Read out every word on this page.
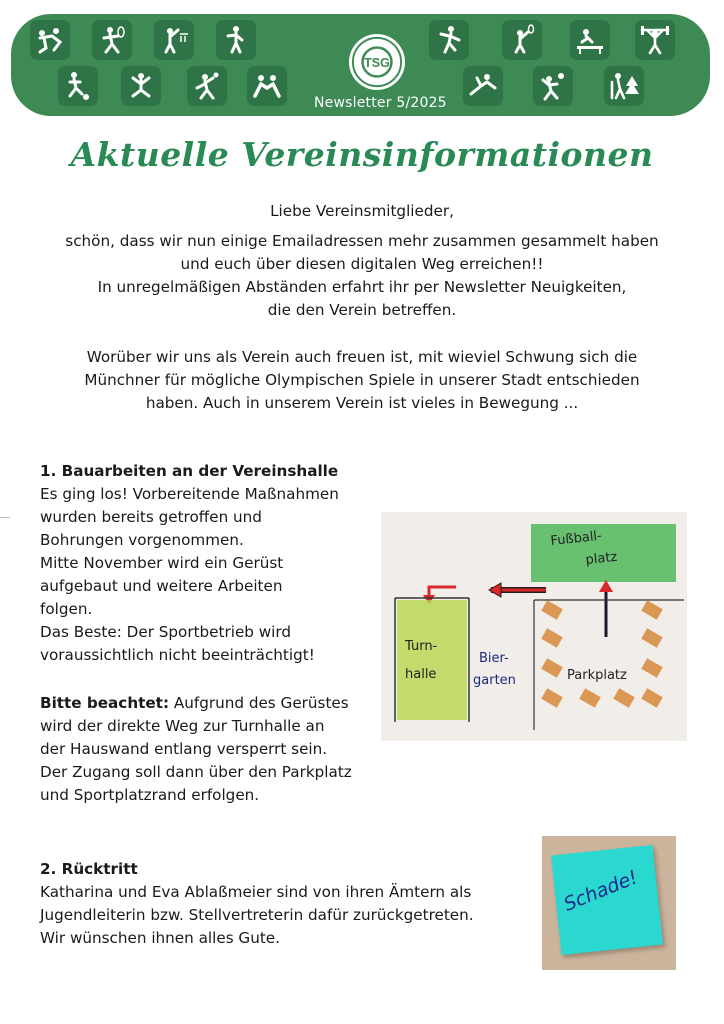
TSG
Newsletter 5/2025
Aktuelle Vereinsinformationen
Liebe Vereinsmitglieder,
schön, dass wir nun einige Emailadressen mehr zusammen gesammelt haben
und euch über diesen digitalen Weg erreichen!!
In unregelmäßigen Abständen erfahrt ihr per Newsletter Neuigkeiten,
die den Verein betreffen.
Worüber wir uns als Verein auch freuen ist, mit wieviel Schwung sich die
Münchner für mögliche Olympischen Spiele in unserer Stadt entschieden
haben. Auch in unserem Verein ist vieles in Bewegung ...
1. Bauarbeiten an der Vereinshalle
Es ging los! Vorbereitende Maßnahmen
wurden bereits getroffen und
Bohrungen vorgenommen.
Mitte November wird ein Gerüst
aufgebaut und weitere Arbeiten
folgen.
Das Beste: Der Sportbetrieb wird
voraussichtlich nicht beeinträchtigt!
Bitte beachtet: Aufgrund des Gerüstes
wird der direkte Weg zur Turnhalle an
der Hauswand entlang versperrt sein.
Der Zugang soll dann über den Parkplatz
und Sportplatzrand erfolgen.
Fußball-
platz
Turn-
halle
Bier-
garten	Parkplatz
2. Rücktritt
Katharina und Eva Ablaßmeier sind von ihren Ämtern als
Jugendleiterin bzw. Stellvertreterin dafür zurückgetreten.
Wir wünschen ihnen alles Gute.
Schade!
